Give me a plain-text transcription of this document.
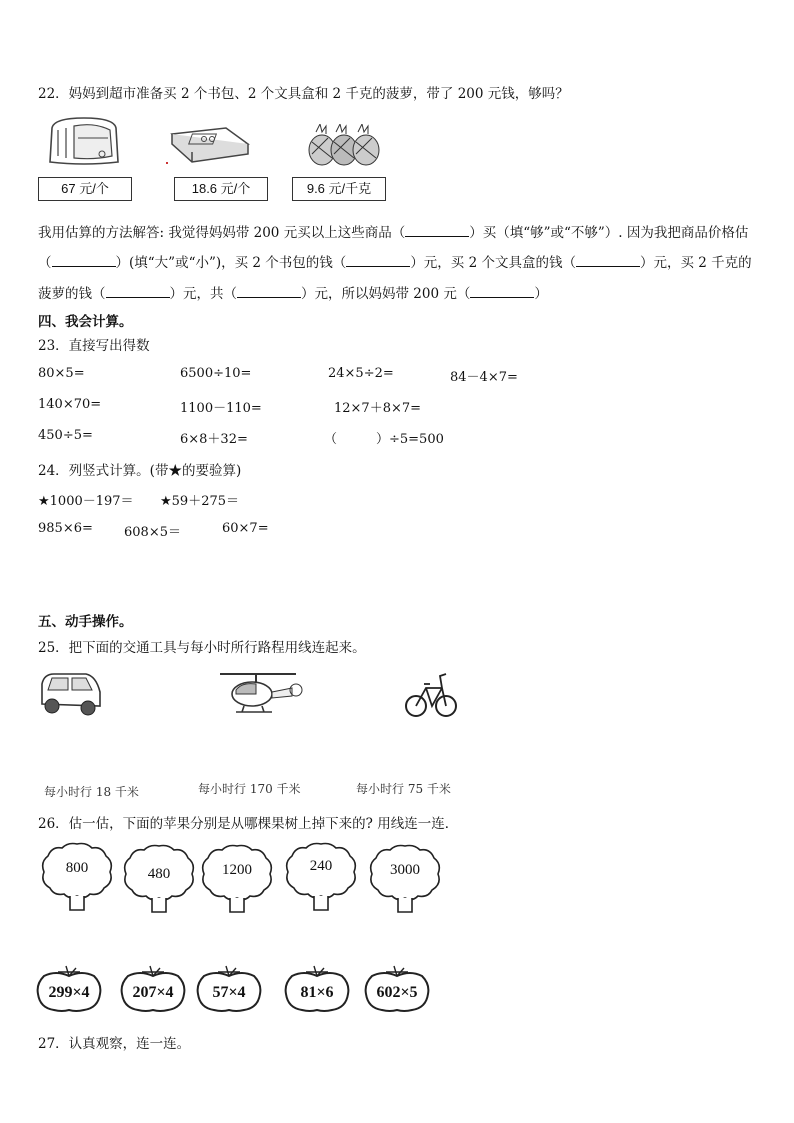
22．妈妈到超市准备买 2 个书包、2 个文具盒和 2 千克的菠萝，带了 200 元钱，够吗？
67 元/个	18.6 元/个	9.6 元/千克
我用估算的方法解答: 我觉得妈妈带 200 元买以上这些商品（	）买（填“够”或“不够”）. 因为我把商品价格估
（	）(填“大”或“小”)，买 2 个书包的钱（	）元，买 2 个文具盒的钱（	）元，买 2 千克的
菠萝的钱（	）元，共（	）元，所以妈妈带 200 元（	）
四、我会计算。
23．直接写出得数
80×5=	6500÷10=	24×5÷2=	84－4×7=
140×70=	1100－110=	12×7＋8×7=
450÷5=	6×8＋32=	（　　　）÷5=500
24．列竖式计算。(带★的要验算)
★1000－197＝ ★59＋275＝
985×6= 608×5＝	60×7=
五、动手操作。
25．把下面的交通工具与每小时所行路程用线连起来。
每小时行 18 千米	每小时行 170 千米	每小时行 75 千米
26．估一估，下面的苹果分别是从哪棵果树上掉下来的? 用线连一连．
800	480	1200	240	3000
299×4	207×4	57×4	81×6	602×5
27．认真观察，连一连。
